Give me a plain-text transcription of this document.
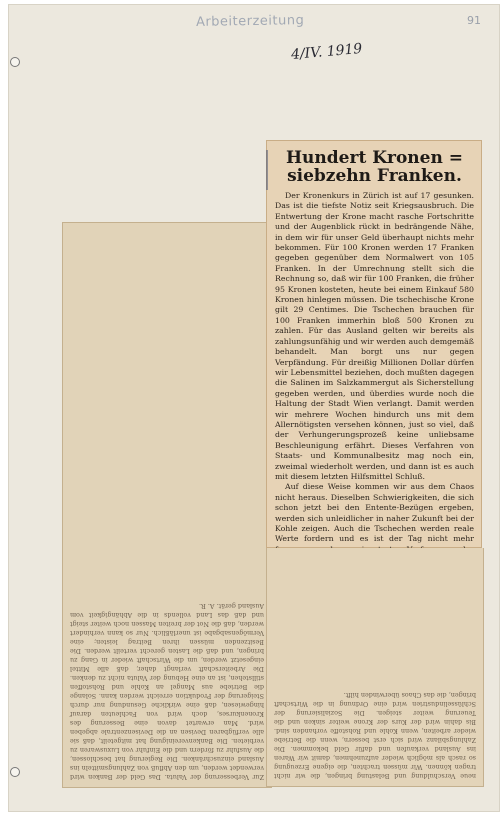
Arbeiterzeitung	91
4/IV. 1919
Zur Verbesserung der Valuta. Das Geld der Banken wird verwendet werden, um den Abfluß von Zahlungsmitteln ins Ausland einzuschränken. Die Regierung hat beschlossen, die Ausfuhr zu fördern und die Einfuhr von Luxuswaren zu verbieten. Die Bankenvereinigung hat mitgeteilt, daß sie alle verfügbaren Devisen an die Devisenzentrale abgeben wird. Man erwartet davon eine Besserung des Kronenkurses, doch wird von Fachleuten darauf hingewiesen, daß eine wirkliche Gesundung nur durch Steigerung der Produktion erreicht werden kann. Solange die Betriebe aus Mangel an Kohle und Rohstoffen stillstehen, ist an eine Hebung der Valuta nicht zu denken. Die Arbeiterschaft verlangt daher, daß alle Mittel eingesetzt werden, um die Wirtschaft wieder in Gang zu bringen, und daß die Lasten gerecht verteilt werden. Die Besitzenden müssen ihren Beitrag leisten; eine Vermögensabgabe ist unerläßlich. Nur so kann verhindert werden, daß die Not der breiten Massen noch weiter steigt und daß das Land vollends in die Abhängigkeit vom Ausland gerät. A. R.
Hundert Kronen = siebzehn Franken.

Der Kronenkurs in Zürich ist auf 17 gesunken. Das ist die tiefste Notiz seit Kriegsausbruch. Die Entwertung der Krone macht rasche Fortschritte und der Augenblick rückt in bedrängende Nähe, in dem wir für unser Geld überhaupt nichts mehr bekommen. Für 100 Kronen werden 17 Franken gegeben gegenüber dem Normalwert von 105 Franken. In der Umrechnung stellt sich die Rechnung so, daß wir für 100 Franken, die früher 95 Kronen kosteten, heute bei einem Einkauf 580 Kronen hinlegen müssen. Die tschechische Krone gilt 29 Centimes. Die Tschechen brauchen für 100 Franken immerhin bloß 500 Kronen zu zahlen. Für das Ausland gelten wir bereits als zahlungsunfähig und wir werden auch demgemäß behandelt. Man borgt uns nur gegen Verpfändung. Für dreißig Millionen Dollar dürfen wir Lebensmittel beziehen, doch mußten dagegen die Salinen im Salzkammergut als Sicherstellung gegeben werden, und überdies wurde noch die Haltung der Stadt Wien verlangt. Damit werden wir mehrere Wochen hindurch uns mit dem Allernötigsten versehen können, just so viel, daß der Verhungerungsprozeß keine unliebsame Beschleunigung erfährt. Dieses Verfahren von Staats- und Kommunalbesitz mag noch ein, zweimal wiederholt werden, und dann ist es auch mit diesem letzten Hilfsmittel Schluß.

Auf diese Weise kommen wir aus dem Chaos nicht heraus. Dieselben Schwierigkeiten, die sich schon jetzt bei den Entente-Bezügen ergeben, werden sich unleidlicher in naher Zukunft bei der Kohle zeigen. Auch die Tschechen werden reale Werte fordern und es ist der Tag nicht mehr

neue Verschuldung und Belastung bringen, die wir nicht tragen können. Wir müssen trachten, die eigene Erzeugung so rasch als möglich wieder aufzunehmen, damit wir Waren ins Ausland verkaufen und dafür Geld bekommen. Die Zahlungsbilanz wird sich erst bessern, wenn die Betriebe wieder arbeiten, wenn Kohle und Rohstoffe vorhanden sind. Bis dahin wird der Kurs der Krone weiter sinken und die Teuerung weiter steigen. Die Sozialisierung der Schlüsselindustrien wird eine Ordnung in die Wirtschaft bringen, die das Chaos überwinden hilft.
